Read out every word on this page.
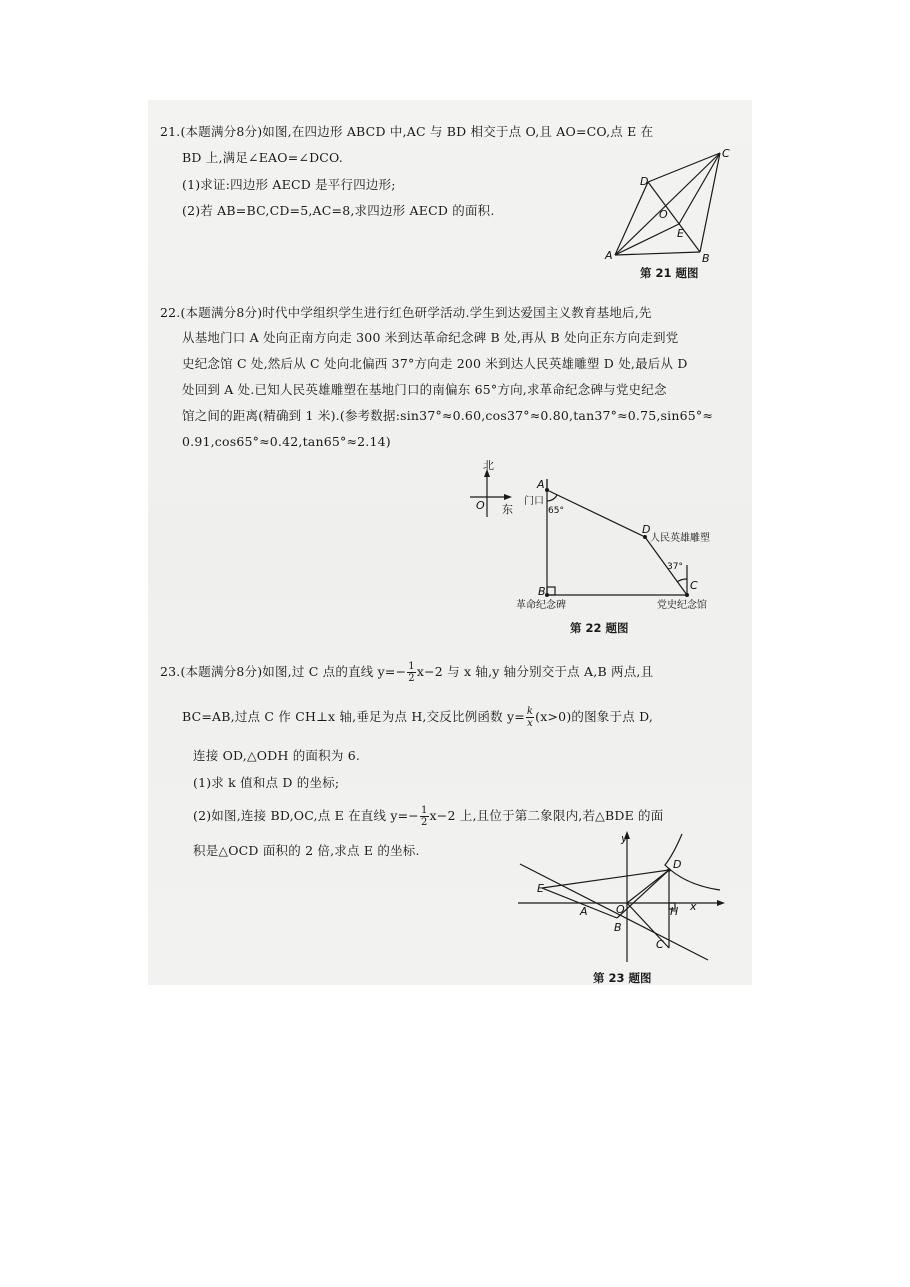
21.(本题满分8分)如图,在四边形 ABCD 中,AC 与 BD 相交于点 O,且 AO=CO,点 E 在
BD 上,满足∠EAO=∠DCO.
(1)求证:四边形 AECD 是平行四边形;
(2)若 AB=BC,CD=5,AC=8,求四边形 AECD 的面积.
A	B
C
D
O
E
第 21 题图
22.(本题满分8分)时代中学组织学生进行红色研学活动.学生到达爱国主义教育基地后,先
从基地门口 A 处向正南方向走 300 米到达革命纪念碑 B 处,再从 B 处向正东方向走到党
史纪念馆 C 处,然后从 C 处向北偏西 37°方向走 200 米到达人民英雄雕塑 D 处,最后从 D
处回到 A 处.已知人民英雄雕塑在基地门口的南偏东 65°方向,求革命纪念碑与党史纪念
馆之间的距离(精确到 1 米).(参考数据:sin37°≈0.60,cos37°≈0.80,tan37°≈0.75,sin65°≈
0.91,cos65°≈0.42,tan65°≈2.14)
北
东
O
A
门口
65°
B
D
人民英雄雕塑
37°
C
革命纪念碑	党史纪念馆
第 22 题图
23.(本题满分8分)如图,过 C 点的直线 $y=- \frac{1}{2} x-2$ 与 x 轴,y 轴分别交于点 A,B 两点,且
BC=AB,过点 C 作 CH⊥x 轴,垂足为点 H,交反比例函数 $y= \frac{k}{x} (x>0)$的图象于点 D,
连接 OD,△ODH 的面积为 6.
(1)求 k 值和点 D 的坐标;
(2)如图,连接 BD,OC,点 E 在直线 $y=- \frac{1}{2} x-2$ 上,且位于第二象限内,若△BDE 的面
积是△OCD 面积的 2 倍,求点 E 的坐标.
y
x
D
E
A	O	H
B
C
第 23 题图
